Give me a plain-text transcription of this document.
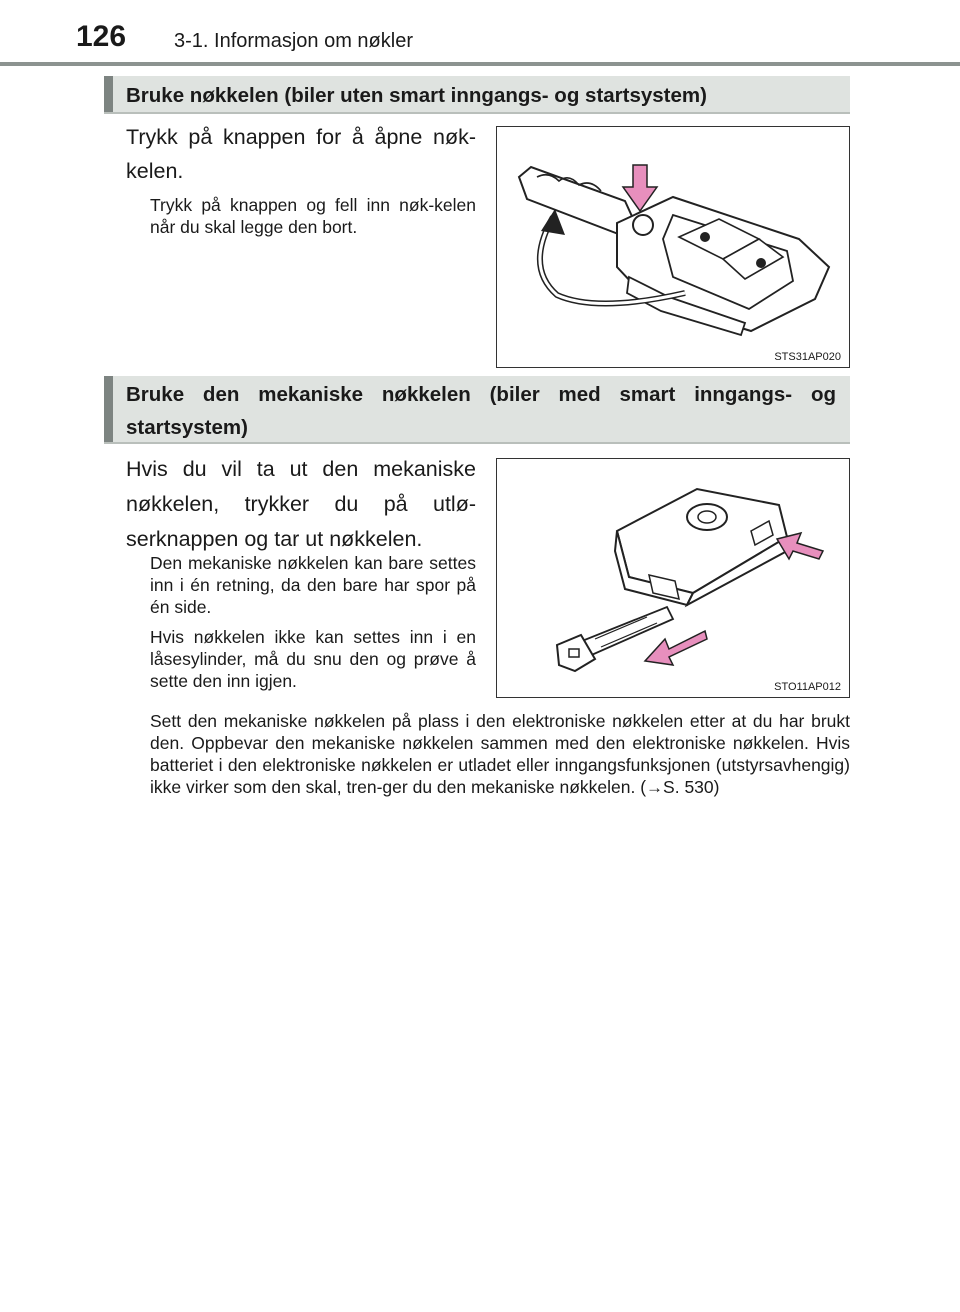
126 3-1. Informasjon om nøkler
Bruke nøkkelen (biler uten smart inngangs- og startsystem)
Trykk på knappen for å åpne nøk-kelen.
Trykk på knappen og fell inn nøk-kelen når du skal legge den bort.
STS31AP020
Bruke den mekaniske nøkkelen (biler med smart inngangs- og startsystem)
Hvis du vil ta ut den mekaniske nøkkelen, trykker du på utlø-serknappen og tar ut nøkkelen.
Den mekaniske nøkkelen kan bare settes inn i én retning, da den bare har spor på én side.
Hvis nøkkelen ikke kan settes inn i en låsesylinder, må du snu den og prøve å sette den inn igjen.
Sett den mekaniske nøkkelen på plass i den elektroniske nøkkelen etter at du har brukt den. Oppbevar den mekaniske nøkkelen sammen med den elektroniske nøkkelen. Hvis batteriet i den elektroniske nøkkelen er utladet eller inngangsfunksjonen (utstyrsavhengig) ikke virker som den skal, tren-ger du den mekaniske nøkkelen. (→S. 530)
STO11AP012
